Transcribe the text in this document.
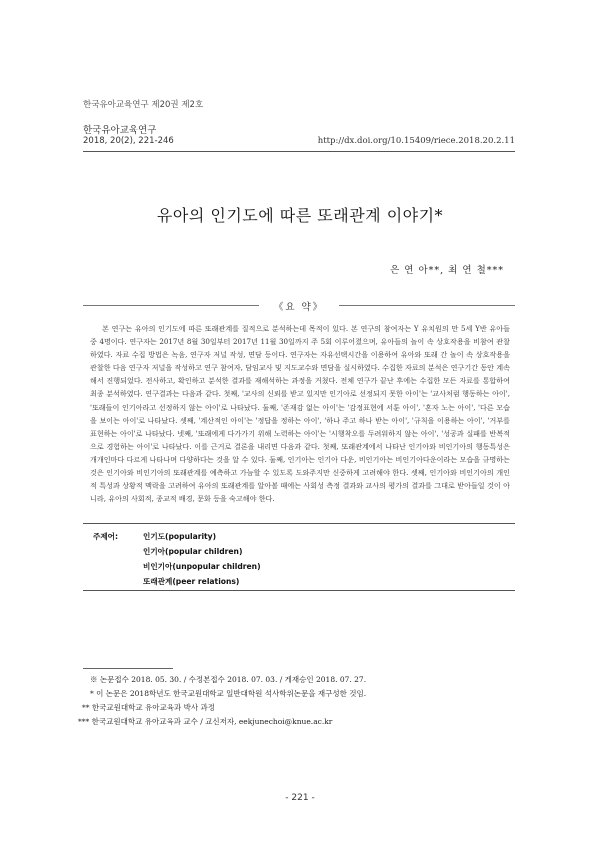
한국유아교육연구 제20권 제2호
한국유아교육연구
2018, 20(2), 221-246	http://dx.doi.org/10.15409/riece.2018.20.2.11
유아의 인기도에 따른 또래관계 이야기*
은 연 아**, 최 연 철***
《요 약》
본 연구는 유아의 인기도에 따른 또래관계를 질적으로 분석하는데 목적이 있다. 본 연구의 참여자는 Y 유치원의 만 5세 Y반 유아들 중 4명이다. 연구자는 2017년 8월 30일부터 2017년 11월 30일까지 주 5회 이루어졌으며, 유아들의 놀이 속 상호작용을 비참여 관찰하였다. 자료 수집 방법은 녹음, 연구자 저널 작성, 면담 등이다. 연구자는 자유선택시간을 이용하여 유아와 또래 간 놀이 속 상호작용을 관찰한 다음 연구자 저널을 작성하고 연구 참여자, 담임교사 및 지도교수와 면담을 실시하였다. 수집한 자료의 분석은 연구기간 동안 계속해서 진행되었다. 전사하고, 확인하고 분석한 결과를 재해석하는 과정을 거쳤다. 전체 연구가 끝난 후에는 수집한 모든 자료를 통합하여 최종 분석하였다. 연구결과는 다음과 같다. 첫째, '교사의 신뢰를 받고 있지만 인기아로 선정되지 못한 아이'는 '교사처럼 행동하는 아이', '또래들이 인기아라고 선정하지 않는 아이'로 나타났다. 둘째, '존재감 없는 아이'는 '감정표현에 서툰 아이', '혼자 노는 아이', '다른 모습을 보이는 아이'로 나타났다. 셋째, '계산적인 아이'는 '정답을 정하는 아이', '하나 주고 하나 받는 아이', '규칙을 이용하는 아이', '거부를 표현하는 아이'로 나타났다. 넷째, '또래에게 다가가기 위해 노력하는 아이'는 '시행착오를 두려워하지 않는 아이', '성공과 실패를 반복적으로 경험하는 아이'로 나타났다. 이를 근거로 결론을 내리면 다음과 같다. 첫째, 또래관계에서 나타난 인기아와 비인기아의 행동특성은 개개인마다 다르게 나타나며 다양하다는 것을 알 수 있다. 둘째, 인기아는 인기아 다운, 비인기아는 비인기아다운이라는 모습을 규명하는 것은 인기아와 비인기아의 또래관계를 예측하고 가늠할 수 있도록 도와주지만 신중하게 고려해야 한다. 셋째, 인기아와 비인기아의 개인적 특성과 상황적 맥락을 고려하여 유아의 또래관계를 알아볼 때에는 사회성 측정 결과와 교사의 평가의 결과를 그대로 받아들일 것이 아니라, 유아의 사회적, 종교적 배경, 문화 등을 숙고해야 한다.
주제어:	인기도(popularity)
인기아(popular children)
비인기아(unpopular children)
또래관계(peer relations)
※ 논문접수 2018. 05. 30. / 수정본접수 2018. 07. 03. / 게재승인 2018. 07. 27.
* 이 논문은 2018학년도 한국교원대학교 일반대학원 석사학위논문을 재구성한 것임.
** 한국교원대학교 유아교육과 박사 과정
*** 한국교원대학교 유아교육과 교수 / 교신저자, eekjunechoi@knue.ac.kr
- 221 -
